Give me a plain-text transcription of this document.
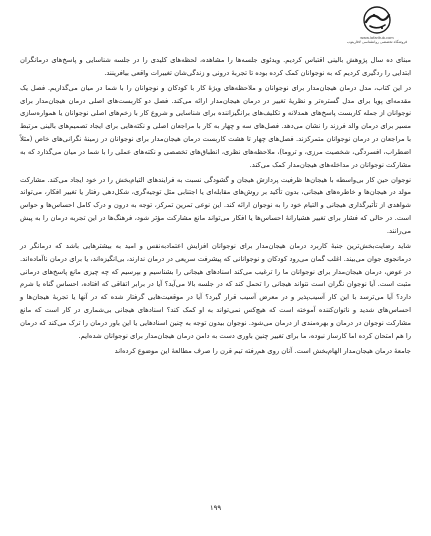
www.lafaritub.com
فروشگاه تخصصی روانشناسی لافاریتوب

مبنای ده سال پژوهش بالینی اقتباس کردیم. ویدئوی جلسه‌ها را مشاهده، لحظه‌های کلیدی را در جلسه شناسایی و پاسخ‌های درمانگران ابتدایی را ردگیری کردیم که به نوجوانان کمک کرده بوده تا تجربهٔ درونی و زندگی‌شان تغییرات واقعی بیافرینند.

در این کتاب، مدل درمان هیجان‌مدار برای نوجوانان و ملاحظه‌های ویژهٔ کار با کودکان و نوجوانان را با شما در میان می‌گذاریم. فصل یک مقدمه‌ای پویا برای مدل گستره‌تر و نظریهٔ تغییر در درمان هیجان‌مدار ارائه می‌کند. فصل دو کاربست‌های اصلی درمان هیجان‌مدار برای نوجوانان از جمله کاربست پاسخ‌های همدلانه و تکلیف‌های برانگیزاننده برای شناسایی و شروع کار با زخم‌های اصلی نوجوانان یا همواره‌سازی مسیر برای درمان والد فرزند را نشان می‌دهد. فصل‌های سه و چهار به کار با مراجعان اصلی و نکته‌هایی برای ایجاد تصمیم‌های بالینی مرتبط با مراجعان در درمان نوجوانان متمرکزند. فصل‌های چهار تا هشت کاربست درمان هیجان‌مدار برای نوجوانان در زمینهٔ نگرانی‌های خاص (مثلاً اضطراب، افسردگی، شخصیت مرزی، و تروما)، ملاحظه‌های نظری، انطباق‌های تخصصی و نکته‌های عملی را با شما در میان می‌گذارد که به مشارکت نوجوانان در مداخله‌های هیجان‌مدار کمک می‌کند.

نوجوان حین کار بی‌واسطه با هیجان‌ها ظرفیت پردازش هیجان و گشودگی نسبت به فرایندهای التیام‌بخش را در خود ایجاد می‌کند. مشارکت مولد در هیجان‌ها و خاطره‌های هیجانی، بدون تأکید بر روش‌های مقابله‌ای یا اجتنابی مثل توجیه‌گری، شکل‌دهی رفتار یا تغییر افکار، می‌تواند شواهدی از تأثیرگذاری هیجانی و التیام خود را به نوجوان ارائه کند. این نوعی تمرین تمرکز، توجه به درون و درک کامل احساس‌ها و حواس است. در حالی که فشار برای تغییر هشیارانهٔ احساس‌ها یا افکار می‌تواند مانع مشارکت مؤثر شود، فرهنگ‌ها در این تجربه درمان را به پیش می‌رانند.

شاید رضایت‌بخش‌ترین جنبهٔ کاربرد درمان هیجان‌مدار برای نوجوانان افزایش اعتمادبه‌نفس و امید به بیشترهایی باشد که درمانگر در درمانجوی جوان می‌بیند. اغلب گمان می‌رود کودکان و نوجوانانی که پیشرفت سریعی در درمان ندارند، بی‌انگیزه‌اند، یا برای درمان ناآماده‌اند. در عوض، درمان هیجان‌مدار برای نوجوانان ما را ترغیب می‌کند اسنادهای هیجانی را بشناسیم و بپرسیم که چه چیزی مانع پاسخ‌های درمانی مثبت است. آیا نوجوان نگران است نتواند هیجانی را تحمل کند که در جلسه بالا می‌آید؟ آیا در برابر اتفاقی که افتاده، احساس گناه یا شرم دارد؟ آیا می‌ترسد با این کار آسیب‌پذیر و در معرض آسیب قرار گیرد؟ آیا در موقعیت‌هایی گرفتار شده که در آنها یا تجربهٔ هیجان‌ها و احساس‌های شدید و ناتوان‌کننده آموخته است که هیچ‌کس نمی‌تواند به او کمک کند؟ اسنادهای هیجانی بی‌شماری در کار است که مانع مشارکت نوجوان در درمان و بهره‌مندی از درمان می‌شود. نوجوان بیدون توجه به چنین اسنادهایی یا این باور درمان را ترک می‌کند که درمان را هم امتحان کرده اما کارساز نبوده، ما برای تغییر چنین باوری دست به دامن درمان هیجان‌مدار برای نوجوانان شده‌ایم.

جامعهٔ درمان هیجان‌مدار الهام‌بخش است. آنان روی هم‌رفته تیم قرن را صرف مطالعهٔ این موضوع کرده‌اند

۱۹۹
